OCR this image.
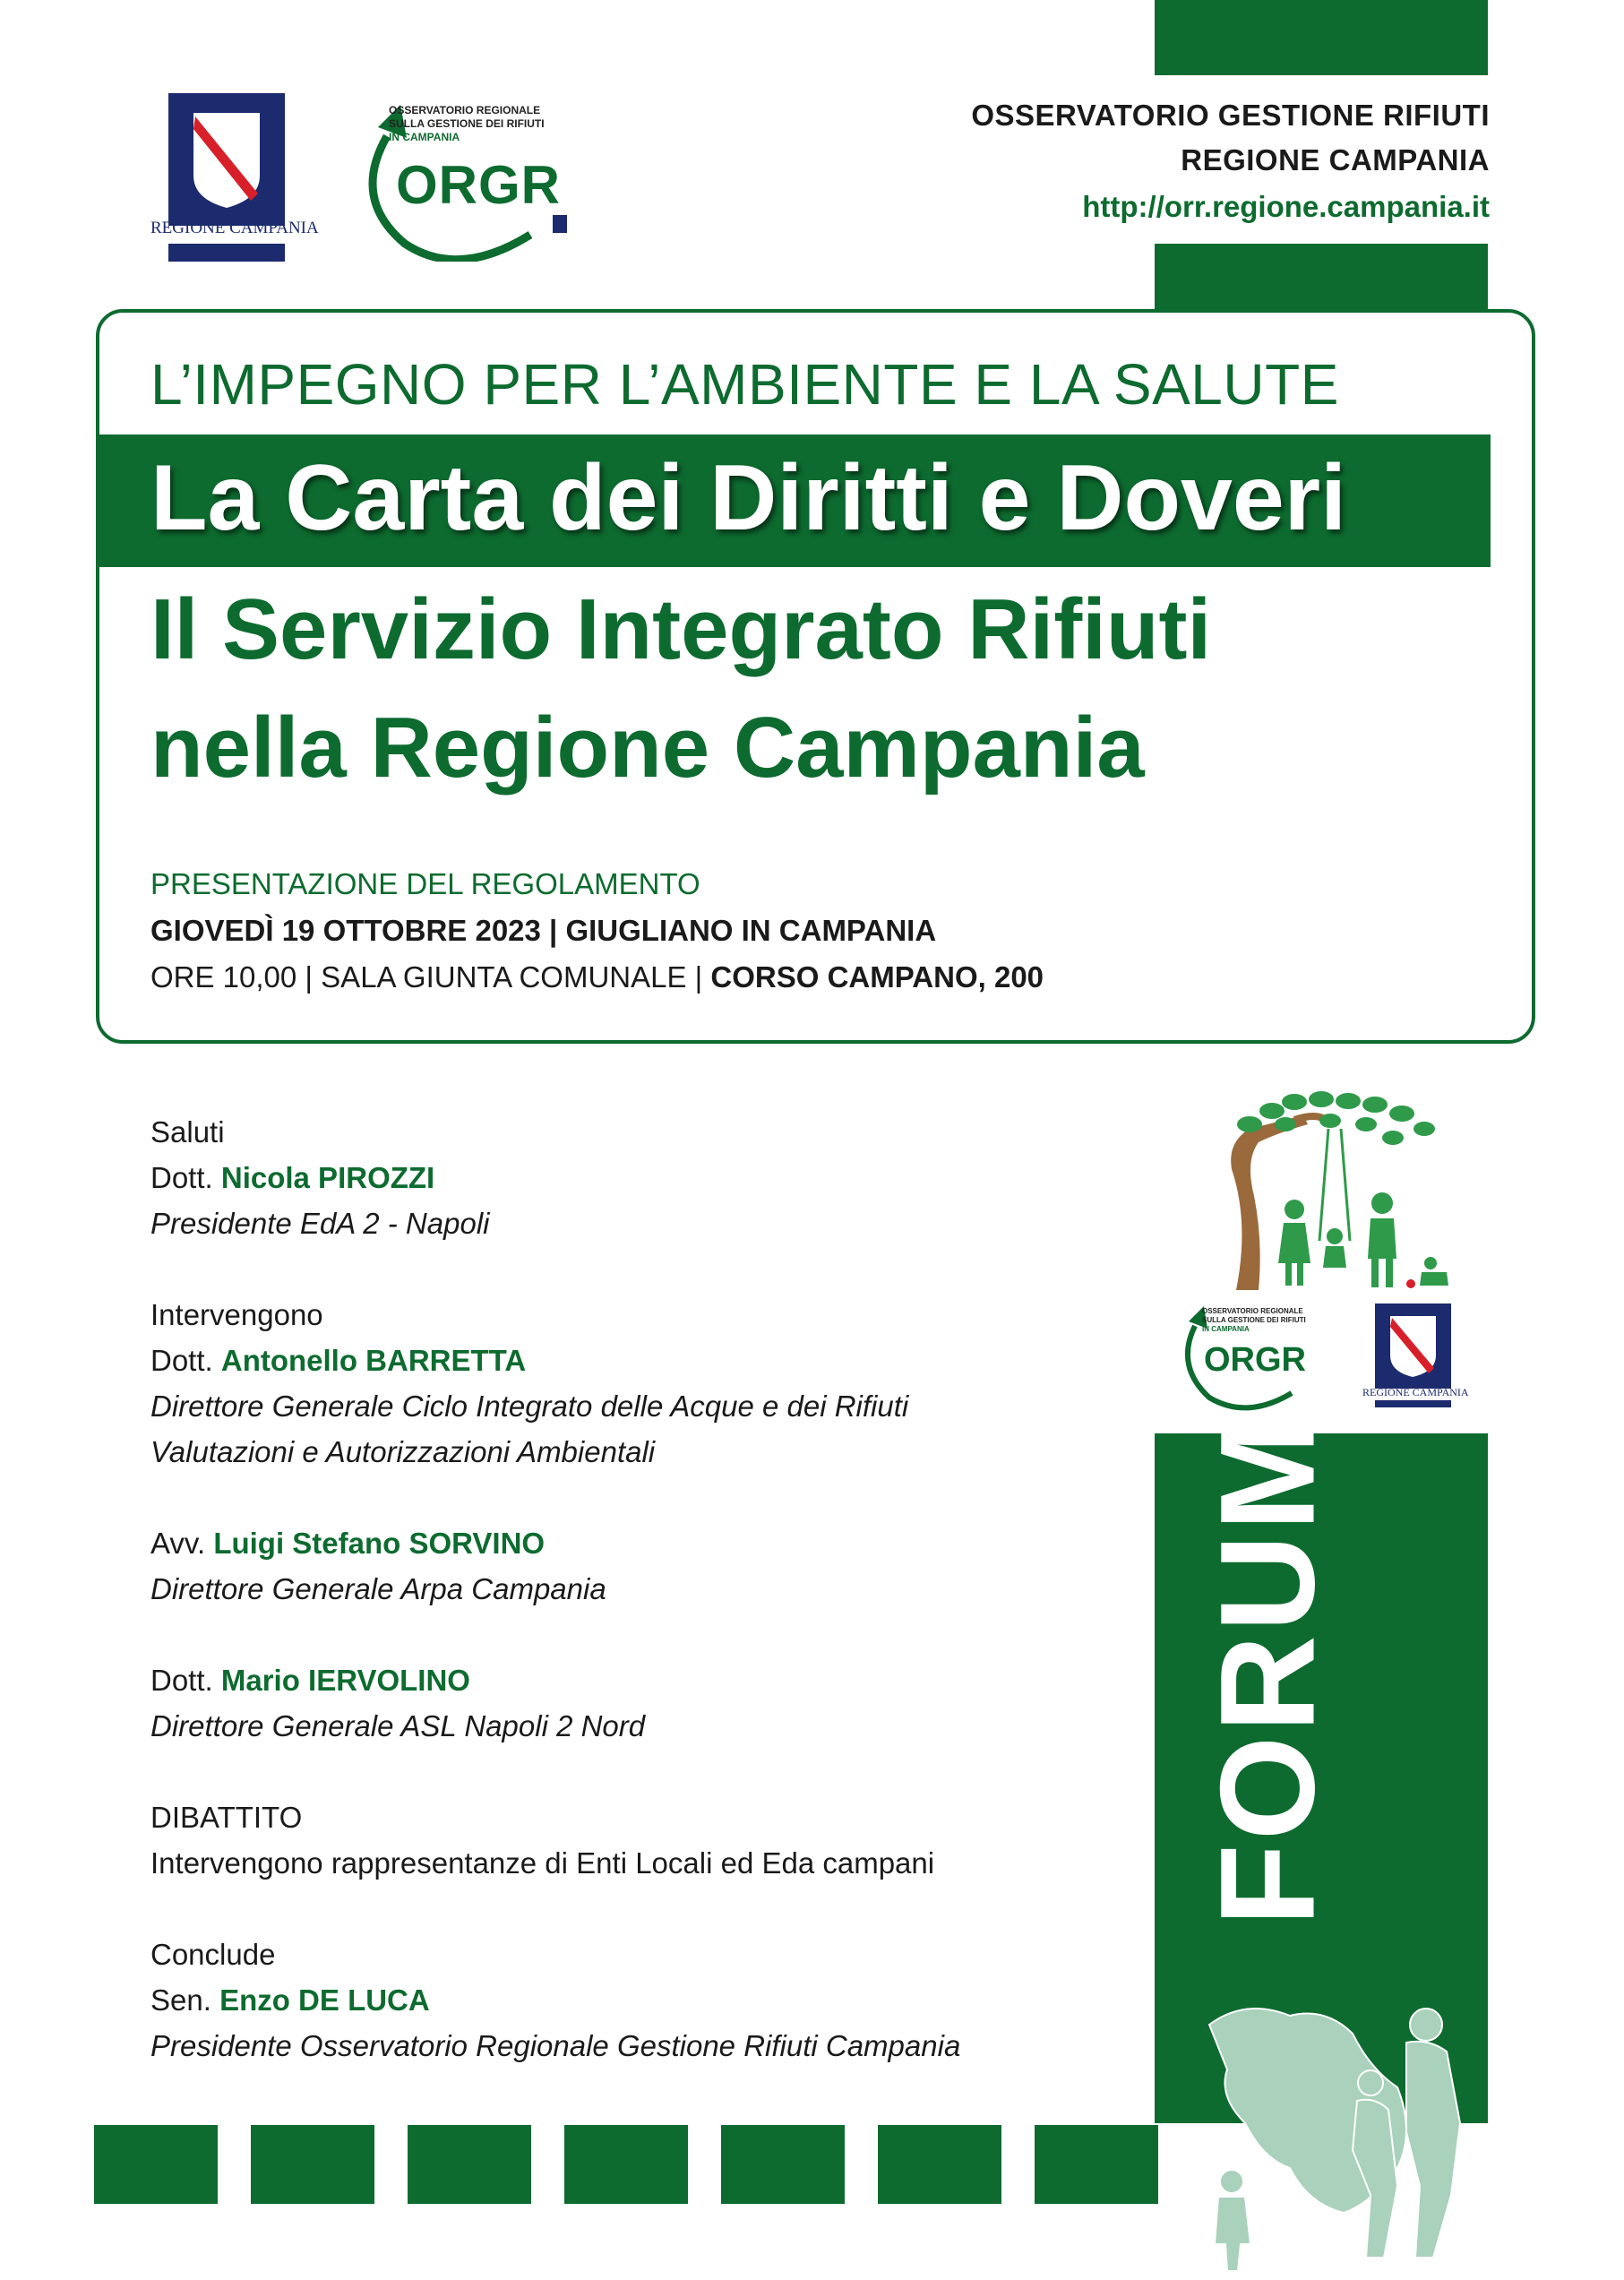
REGIONE CAMPANIA
OSSERVATORIO REGIONALE
SULLA GESTIONE DEI RIFIUTI
IN CAMPANIA
ORGR
OSSERVATORIO GESTIONE RIFIUTI
REGIONE CAMPANIA
http://orr.regione.campania.it
L’IMPEGNO PER L’AMBIENTE E LA SALUTE
La Carta dei Diritti e Doveri
Il Servizio Integrato Rifiuti
nella Regione Campania
PRESENTAZIONE DEL REGOLAMENTO
GIOVEDÌ 19 OTTOBRE 2023 | GIUGLIANO IN CAMPANIA
ORE 10,00 | SALA GIUNTA COMUNALE | CORSO CAMPANO, 200
Saluti
Dott. Nicola PIROZZI
Presidente EdA 2 - Napoli
Intervengono
Dott. Antonello BARRETTA
Direttore Generale Ciclo Integrato delle Acque e dei Rifiuti
Valutazioni e Autorizzazioni Ambientali
Avv. Luigi Stefano SORVINO
Direttore Generale Arpa Campania
Dott. Mario IERVOLINO
Direttore Generale ASL Napoli 2 Nord
DIBATTITO
Intervengono rappresentanze di Enti Locali ed Eda campani
Conclude
Sen. Enzo DE LUCA
Presidente Osservatorio Regionale Gestione Rifiuti Campania
OSSERVATORIO REGIONALE
SULLA GESTIONE DEI RIFIUTI
IN CAMPANIA
ORGR
REGIONE CAMPANIA
FORUM
